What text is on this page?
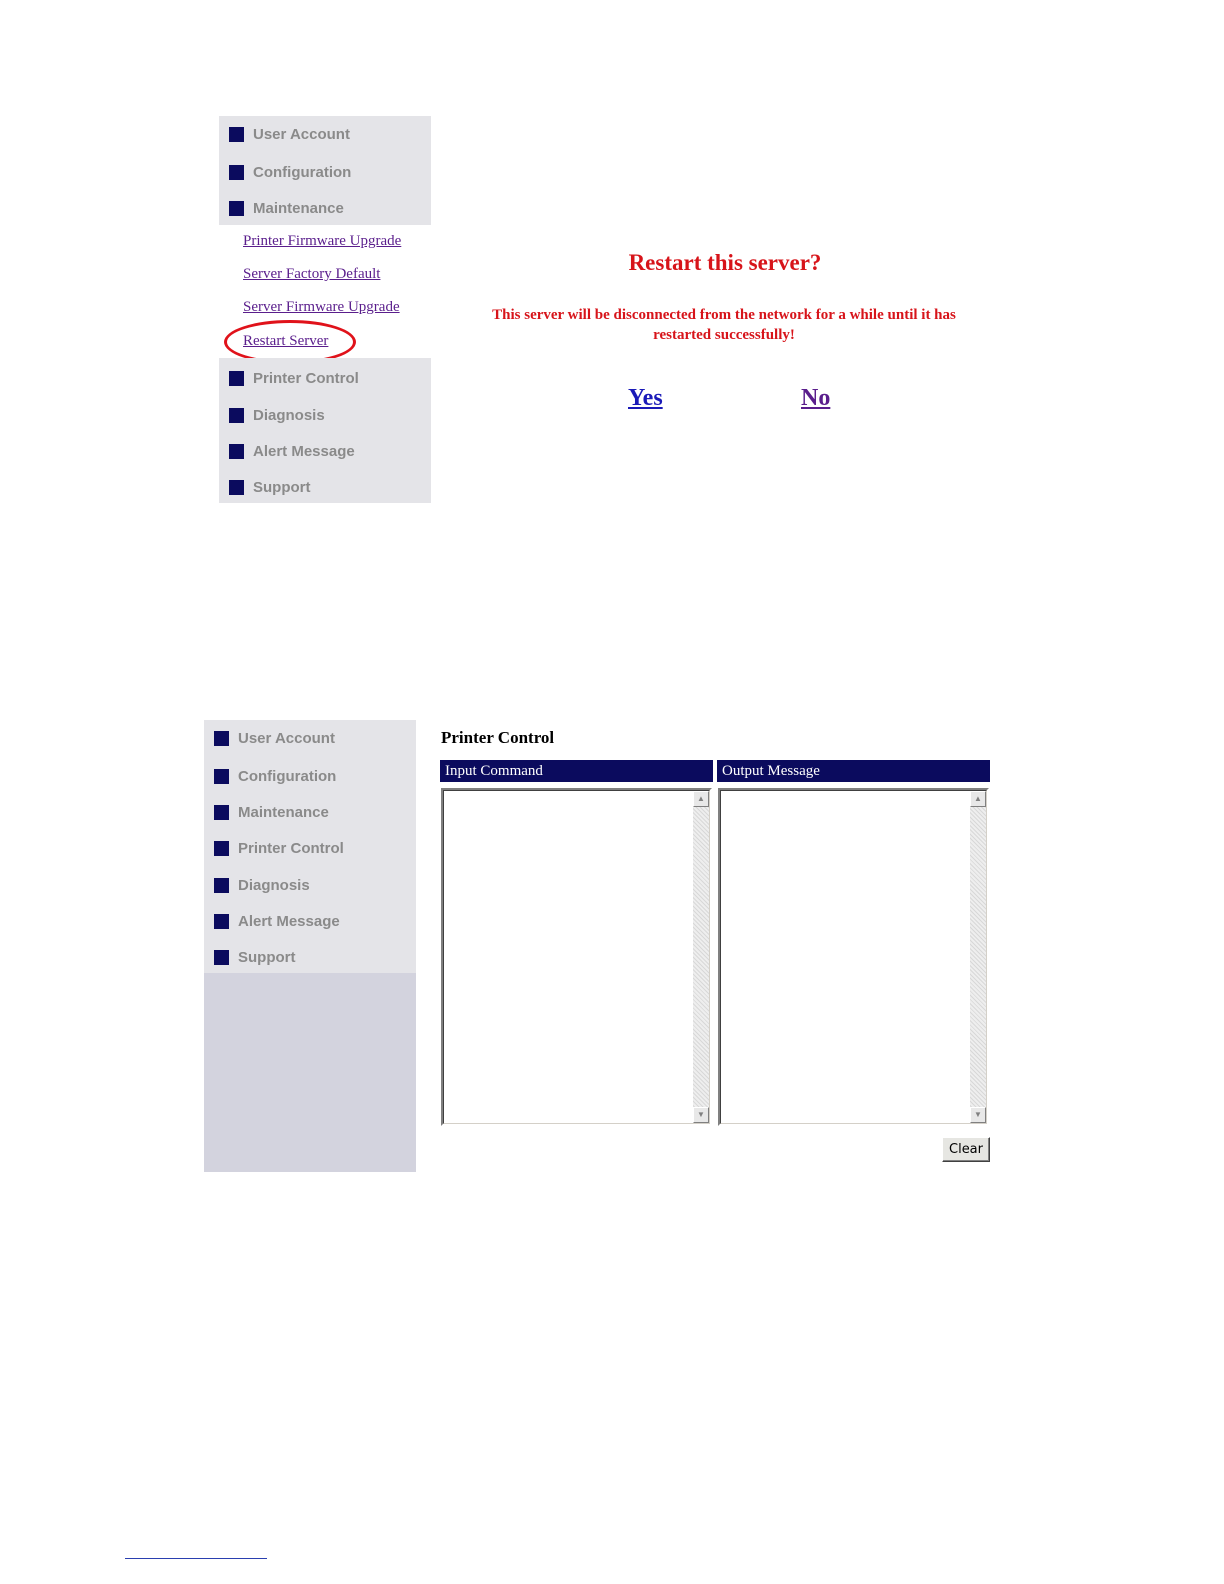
User Account
Configuration
Maintenance
Printer Firmware Upgrade
Server Factory Default
Server Firmware Upgrade
Restart Server
Printer Control
Diagnosis
Alert Message
Support
Restart this server?
This server will be disconnected from the network for a while until it has restarted successfully!
Yes	No
User Account
Configuration
Maintenance
Printer Control
Diagnosis
Alert Message
Support
Printer Control
Input Command	Output Message
▲
▼
▲
▼
Clear
